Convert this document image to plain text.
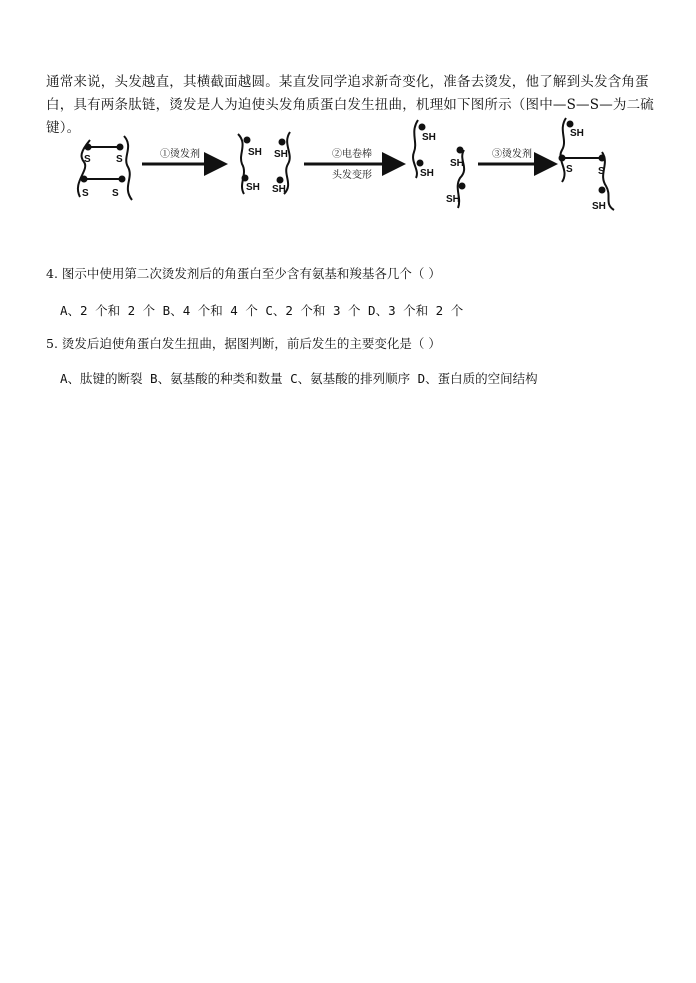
通常来说，头发越直，其横截面越圆。某直发同学追求新奇变化，准备去烫发，他了解到头发含角蛋白，具有两条肽链，烫发是人为迫使头发角质蛋白发生扭曲，机理如下图所示（图中—S—S—为二硫键）。
S	S
S S
①烫发剂	SH
SH
SH
SH
②电卷棒
头发变形
SH
SH
SH
SH
③烫发剂
SH
S	S
SH
4. 图示中使用第二次烫发剂后的角蛋白至少含有氨基和羧基各几个（ ）
A、2 个和 2 个 B、4 个和 4 个 C、2 个和 3 个 D、3 个和 2 个
5. 烫发后迫使角蛋白发生扭曲，据图判断，前后发生的主要变化是（ ）
A、肽键的断裂 B、氨基酸的种类和数量 C、氨基酸的排列顺序 D、蛋白质的空间结构
